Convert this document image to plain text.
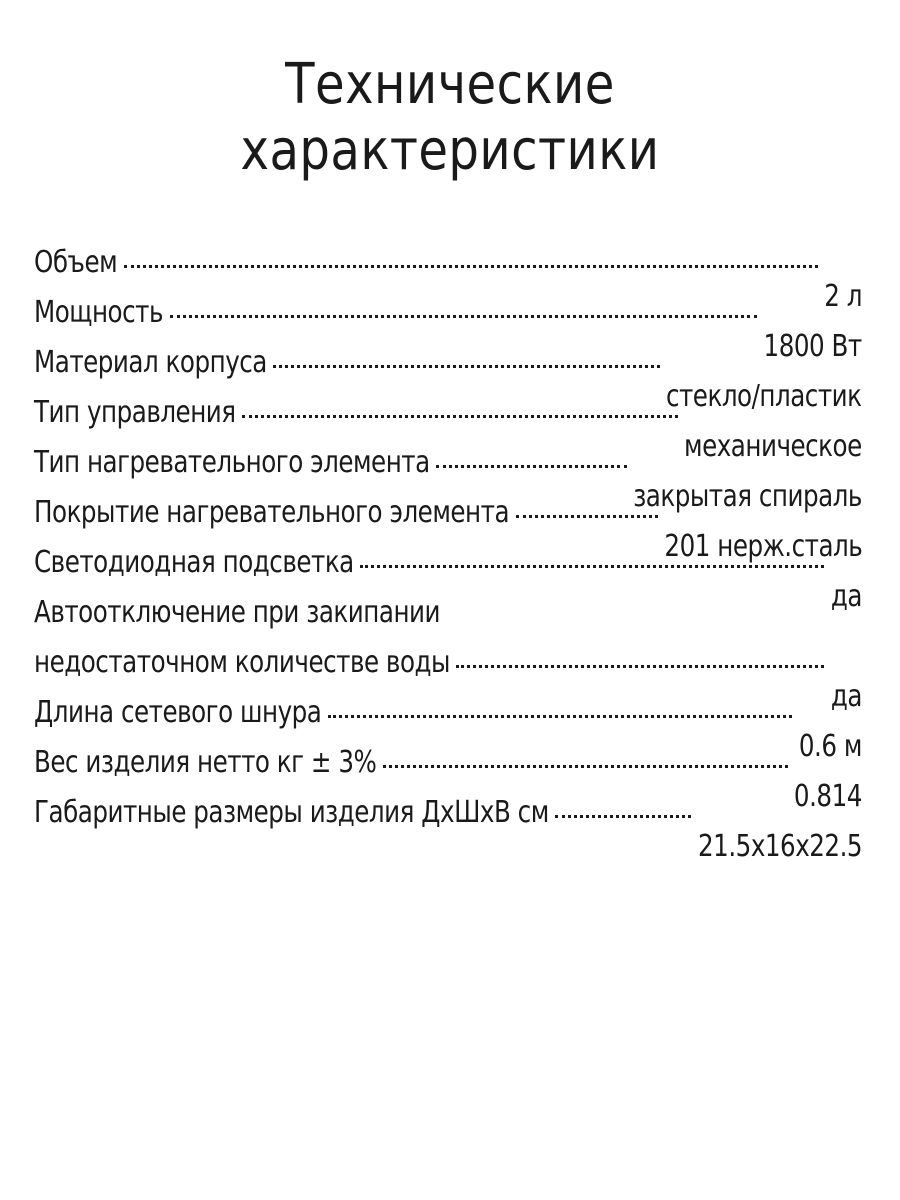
Технические
характеристики
Объем
2 л
Мощность
1800 Вт
Материал корпуса
стекло/пластик
Тип управления
механическое
Тип нагревательного элемента
закрытая спираль
Покрытие нагревательного элемента
201 нерж.сталь
Светодиодная подсветка
да
Автоотключение при закипании
недостаточном количестве воды
да
Длина сетевого шнура
0.6 м
Вес изделия нетто кг ± 3%
0.814
Габаритные размеры изделия ДхШхВ см
21.5x16x22.5
